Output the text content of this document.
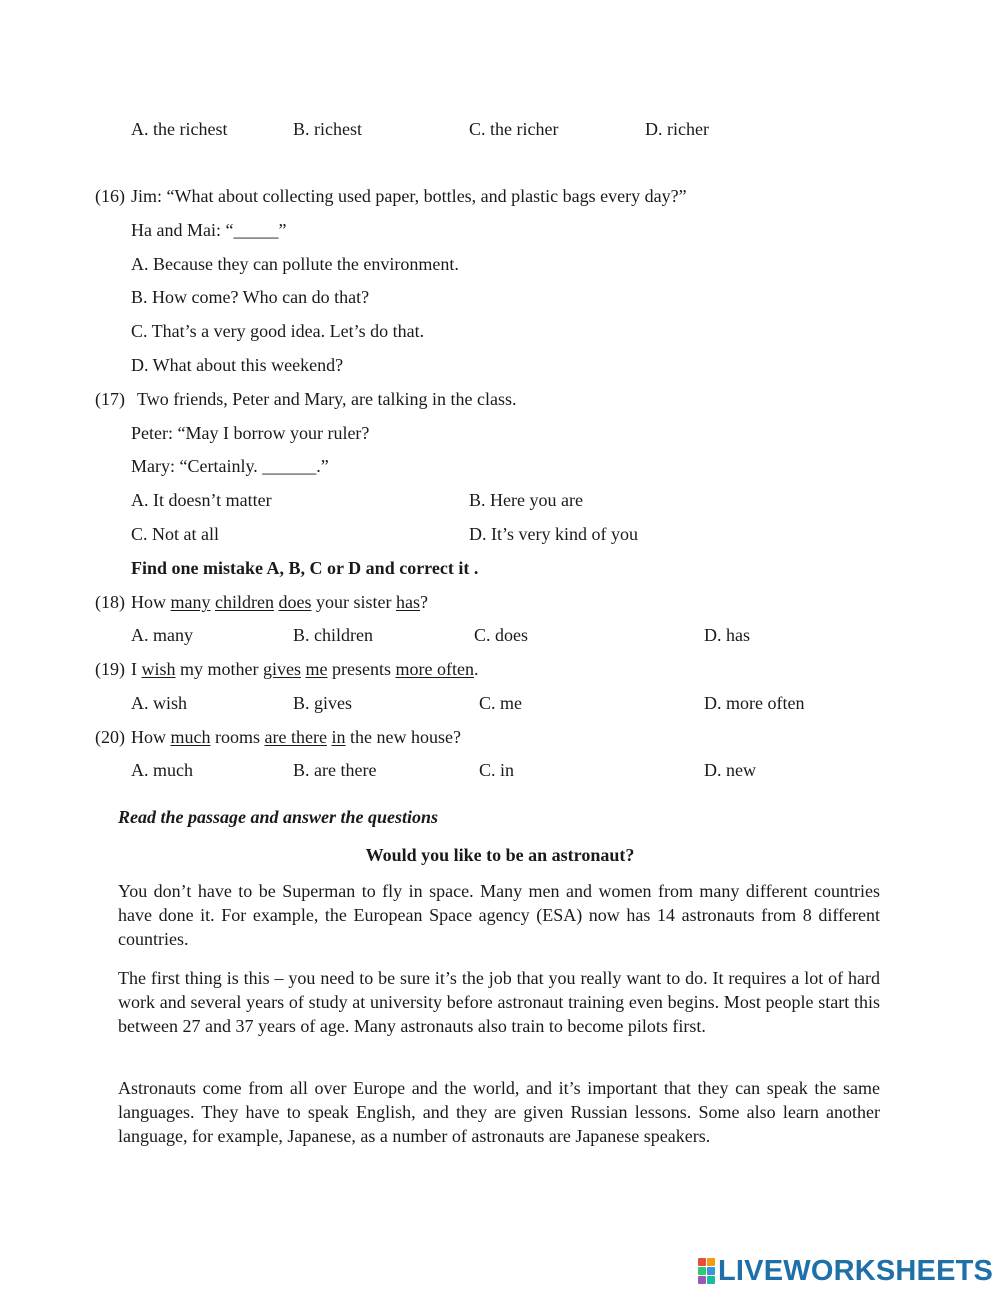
A. the richest	B. richest	C. the richer	D. richer
(16) Jim: “What about collecting used paper, bottles, and plastic bags every day?”
Ha and Mai: “_____”
A. Because they can pollute the environment.
B. How come? Who can do that?
C. That’s a very good idea. Let’s do that.
D. What about this weekend?
(17) Two friends, Peter and Mary, are talking in the class.
Peter: “May I borrow your ruler?
Mary: “Certainly. ______.”
A. It doesn’t matter	B. Here you are
C. Not at all	D. It’s very kind of you
Find one mistake A, B, C or D and correct it .
(18) How many children does your sister has?
A. many	B. children	C. does	D. has
(19) I wish my mother gives me presents more often.
A. wish	B. gives	C. me	D. more often
(20) How much rooms are there in the new house?
A. much	B. are there	C. in	D. new
Read the passage and answer the questions
Would you like to be an astronaut?
You don’t have to be Superman to fly in space. Many men and women from many different countries have done it. For example, the European Space agency (ESA) now has 14 astronauts from 8 different countries.
The first thing is this – you need to be sure it’s the job that you really want to do. It requires a lot of hard work and several years of study at university before astronaut training even begins. Most people start this between 27 and 37 years of age. Many astronauts also train to become pilots first.
Astronauts come from all over Europe and the world, and it’s important that they can speak the same languages. They have to speak English, and they are given Russian lessons. Some also learn another language, for example, Japanese, as a number of astronauts are Japanese speakers.
LIVEWORKSHEETS
